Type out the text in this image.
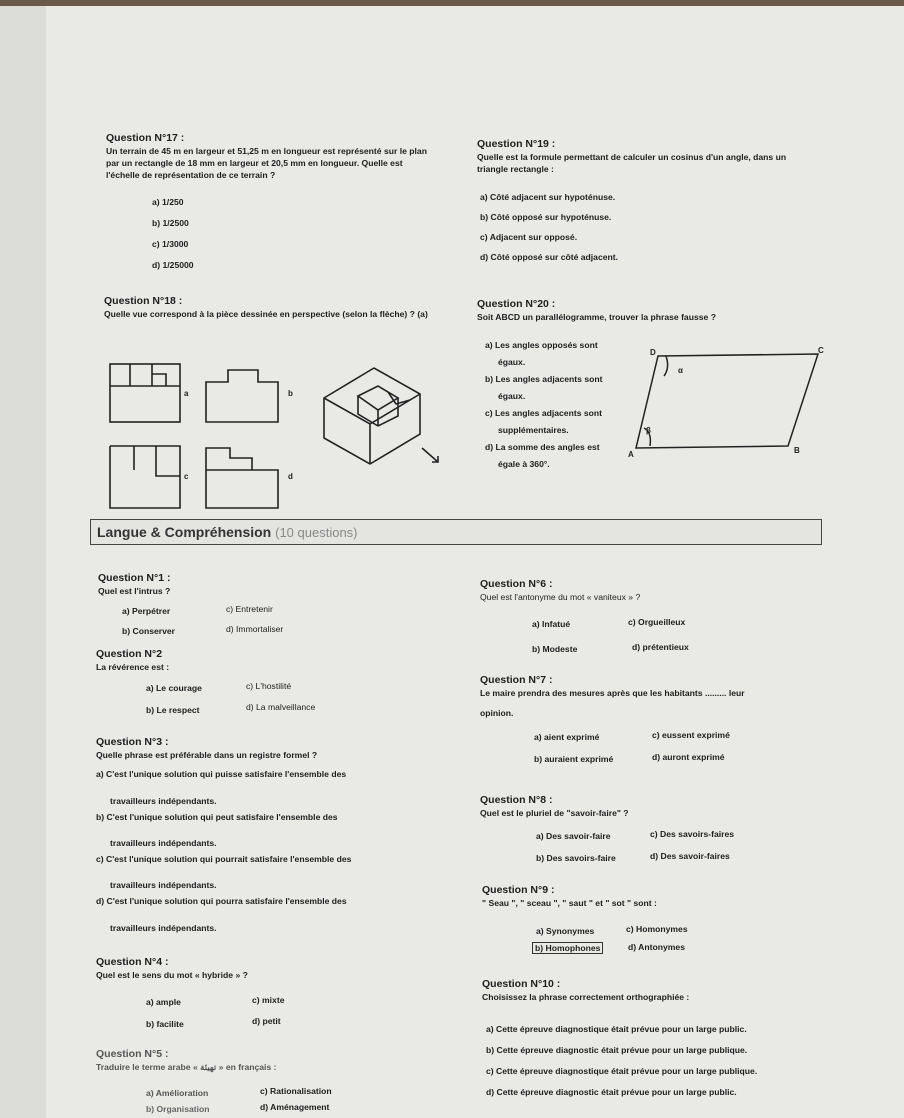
Question N°17 :
Un terrain de 45 m en largeur et 51,25 m en longueur est représenté sur le plan par un rectangle de 18 mm en largeur et 20,5 mm en longueur. Quelle est l'échelle de représentation de ce terrain ?
a) 1/250
b) 1/2500
c) 1/3000
d) 1/25000
Question N°18 :
Quelle vue correspond à la pièce dessinée en perspective (selon la flèche) ? (a)
a	b
c	d
Question N°19 :
Quelle est la formule permettant de calculer un cosinus d'un angle, dans un triangle rectangle :
a) Côté adjacent sur hypoténuse.
b) Côté opposé sur hypoténuse.
c) Adjacent sur opposé.
d) Côté opposé sur côté adjacent.
Question N°20 :
Soit ABCD un parallélogramme, trouver la phrase fausse ?
a) Les angles opposés sont
égaux.
b) Les angles adjacents sont
égaux.
c) Les angles adjacents sont
supplémentaires.
d) La somme des angles est
égale à 360°.
D	C
A	B
α
β
Langue & Compréhension (10 questions)
Question N°1 :
Quel est l'intrus ?
a) Perpétrer	c) Entretenir
b) Conserver	d) Immortaliser
Question N°2
La révérence est :
a) Le courage	c) L'hostilité
b) Le respect	d) La malveillance
Question N°3 :
Quelle phrase est préférable dans un registre formel ?
a) C'est l'unique solution qui puisse satisfaire l'ensemble des
travailleurs indépendants.
b) C'est l'unique solution qui peut satisfaire l'ensemble des
travailleurs indépendants.
c) C'est l'unique solution qui pourrait satisfaire l'ensemble des
travailleurs indépendants.
d) C'est l'unique solution qui pourra satisfaire l'ensemble des
travailleurs indépendants.
Question N°4 :
Quel est le sens du mot « hybride » ?
a) ample	c) mixte
b) facilite	d) petit
Question N°5 :
Traduire le terme arabe « تهيئة » en français :
a) Amélioration	c) Rationalisation
b) Organisation	d) Aménagement
Question N°6 :
Quel est l'antonyme du mot « vaniteux » ?
a) Infatué	c) Orgueilleux
b) Modeste	d) prétentieux
Question N°7 :
Le maire prendra des mesures après que les habitants ......... leur
opinion.
a) aient exprimé	c) eussent exprimé
b) auraient exprimé	d) auront exprimé
Question N°8 :
Quel est le pluriel de "savoir-faire" ?
a) Des savoir-faire	c) Des savoirs-faires
b) Des savoirs-faire	d) Des savoir-faires
Question N°9 :
" Seau ", " sceau ", " saut " et " sot " sont :
a) Synonymes	c) Homonymes
b) Homophones	d) Antonymes
Question N°10 :
Choisissez la phrase correctement orthographiée :
a) Cette épreuve diagnostique était prévue pour un large public.
b) Cette épreuve diagnostic était prévue pour un large publique.
c) Cette épreuve diagnostique était prévue pour un large publique.
d) Cette épreuve diagnostic était prévue pour un large public.
